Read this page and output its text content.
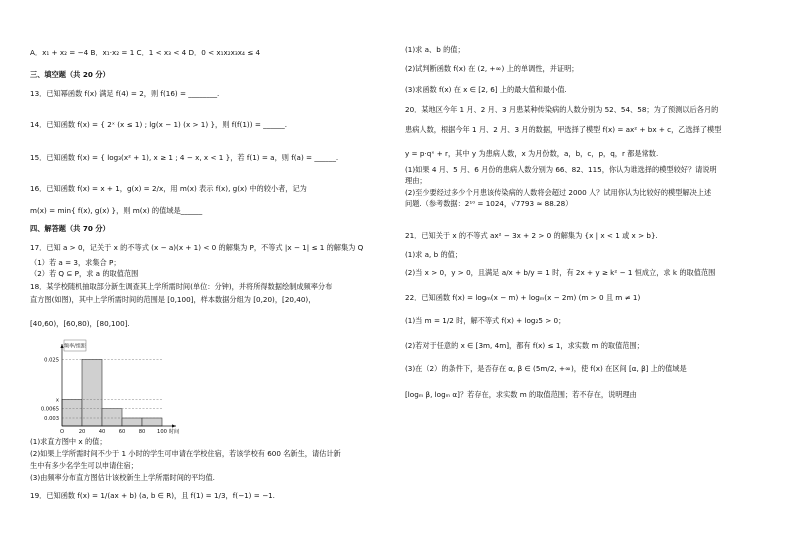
A．x₁ + x₂ = −4 B．x₁·x₂ = 1 C．1 < x₃ < 4 D．0 < x₁x₂x₃x₄ ≤ 4
三、填空题（共 20 分）
13．已知幂函数 f(x) 满足 f(4) = 2，则 f(16) = ________.
14．已知函数 f(x) = { 2ˣ (x ≤ 1) ; lg(x − 1) (x > 1) }，则 f(f(1)) = ______.
15．已知函数 f(x) = { log₃(x² + 1), x ≥ 1 ; 4 − x, x < 1 }，若 f(1) = a，则 f(a) = ______.
16．已知函数 f(x) = x + 1，g(x) = 2/x，用 m(x) 表示 f(x), g(x) 中的较小者，记为
m(x) = min{ f(x), g(x) }，则 m(x) 的值域是______
四、解答题（共 70 分）
17．已知 a > 0，记关于 x 的不等式 (x − a)(x + 1) < 0 的解集为 P，不等式 |x − 1| ≤ 1 的解集为 Q
（1）若 a = 3，求集合 P；
（2）若 Q ⊆ P，求 a 的取值范围
18．某学校随机抽取部分新生调查其上学所需时间(单位：分钟)，并将所得数据绘制成频率分布
直方图(如图)，其中上学所需时间的范围是 [0,100]，样本数据分组为 [0,20)，[20,40)，
[40,60)，[60,80)，[80,100].
(1)求直方图中 x 的值；
(2)如果上学所需时间不少于 1 小时的学生可申请在学校住宿，若该学校有 600 名新生，请估计新
生中有多少名学生可以申请住宿；
(3)由频率分布直方图估计该校新生上学所需时间的平均值.
19．已知函数 f(x) = 1/(ax + b) (a, b ∈ R)，且 f(1) = 1/3，f(−1) = −1.
0.025
x
0.0065
0.003
O	20	40	60	80 100
频率/组距
时间
(1)求 a、b 的值；
(2)试判断函数 f(x) 在 (2, +∞) 上的单调性，并证明；
(3)求函数 f(x) 在 x ∈ [2, 6] 上的最大值和最小值.
20．某地区今年 1 月、2 月、3 月患某种传染病的人数分别为 52、54、58；为了预测以后各月的
患病人数，根据今年 1 月、2 月、3 月的数据，甲选择了模型 f(x) = ax² + bx + c，乙选择了模型
y = p·qˣ + r，其中 y 为患病人数，x 为月份数，a，b，c，p，q，r 都是常数.
(1)如果 4 月、5 月、6 月份的患病人数分别为 66、82、115，你认为谁选择的模型较好？请说明
理由；
(2)至少要经过多少个月患该传染病的人数将会超过 2000 人？试用你认为比较好的模型解决上述
问题.（参考数据：2¹⁰ = 1024，√7793 ≈ 88.28）
21．已知关于 x 的不等式 ax² − 3x + 2 > 0 的解集为 {x | x < 1 或 x > b}.
(1)求 a, b 的值；
(2)当 x > 0，y > 0，且满足 a/x + b/y = 1 时，有 2x + y ≥ k² − 1 恒成立，求 k 的取值范围
22．已知函数 f(x) = logₘ(x − m) + logₘ(x − 2m) (m > 0 且 m ≠ 1)
(1)当 m = 1/2 时，解不等式 f(x) + log₂5 > 0；
(2)若对于任意的 x ∈ [3m, 4m]，都有 f(x) ≤ 1，求实数 m 的取值范围；
(3)在（2）的条件下，是否存在 α, β ∈ (5m/2, +∞)，使 f(x) 在区间 [α, β] 上的值域是
[logₘ β, logₘ α]？若存在，求实数 m 的取值范围；若不存在，说明理由
